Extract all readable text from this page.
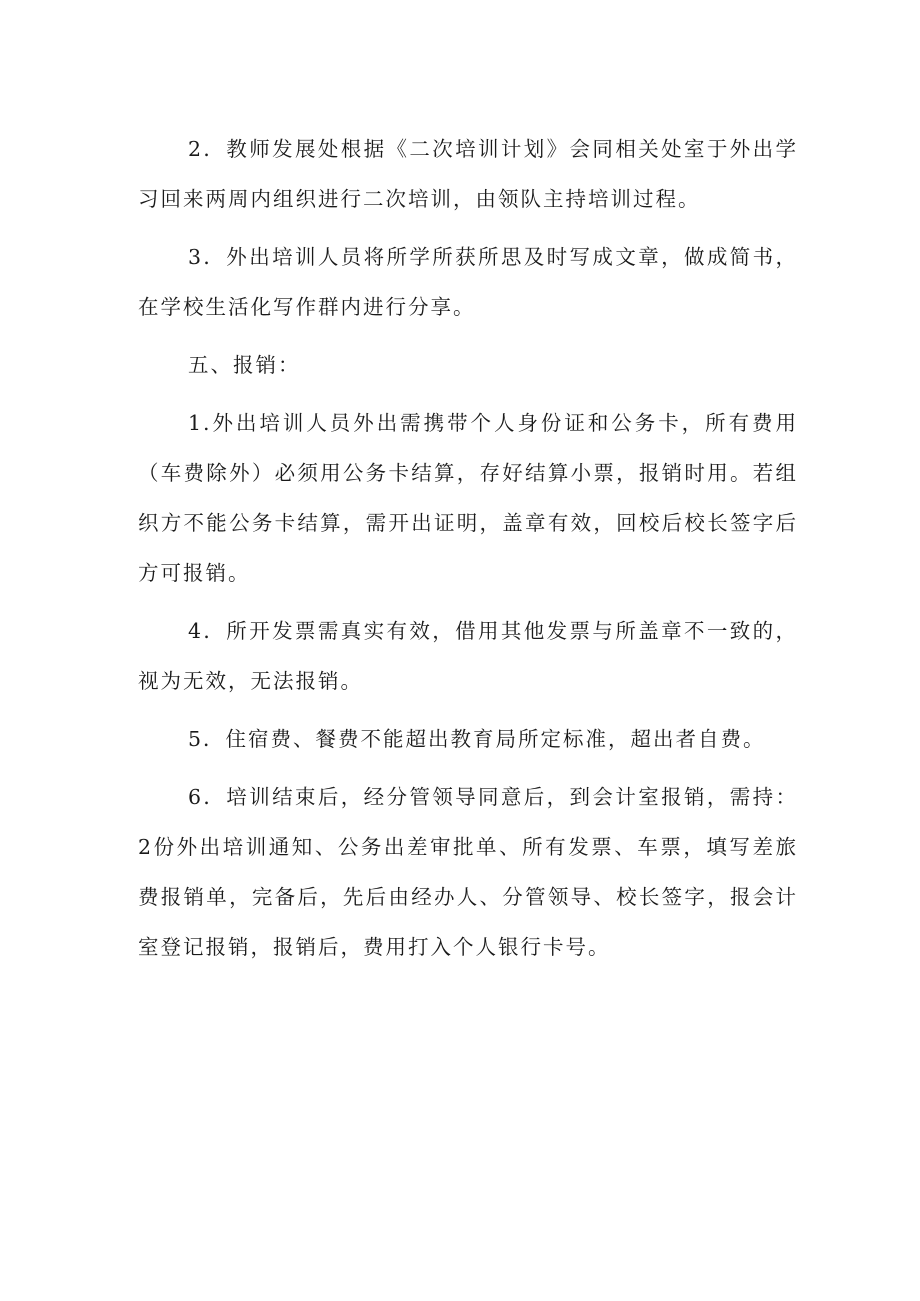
2．教师发展处根据《二次培训计划》会同相关处室于外出学习回来两周内组织进行二次培训，由领队主持培训过程。

3．外出培训人员将所学所获所思及时写成文章，做成简书，在学校生活化写作群内进行分享。

五、报销：

1.外出培训人员外出需携带个人身份证和公务卡，所有费用（车费除外）必须用公务卡结算，存好结算小票，报销时用。若组织方不能公务卡结算，需开出证明，盖章有效，回校后校长签字后方可报销。

4．所开发票需真实有效，借用其他发票与所盖章不一致的，视为无效，无法报销。

5．住宿费、餐费不能超出教育局所定标准，超出者自费。

6．培训结束后，经分管领导同意后，到会计室报销，需持：2份外出培训通知、公务出差审批单、所有发票、车票，填写差旅费报销单，完备后，先后由经办人、分管领导、校长签字，报会计室登记报销，报销后，费用打入个人银行卡号。
